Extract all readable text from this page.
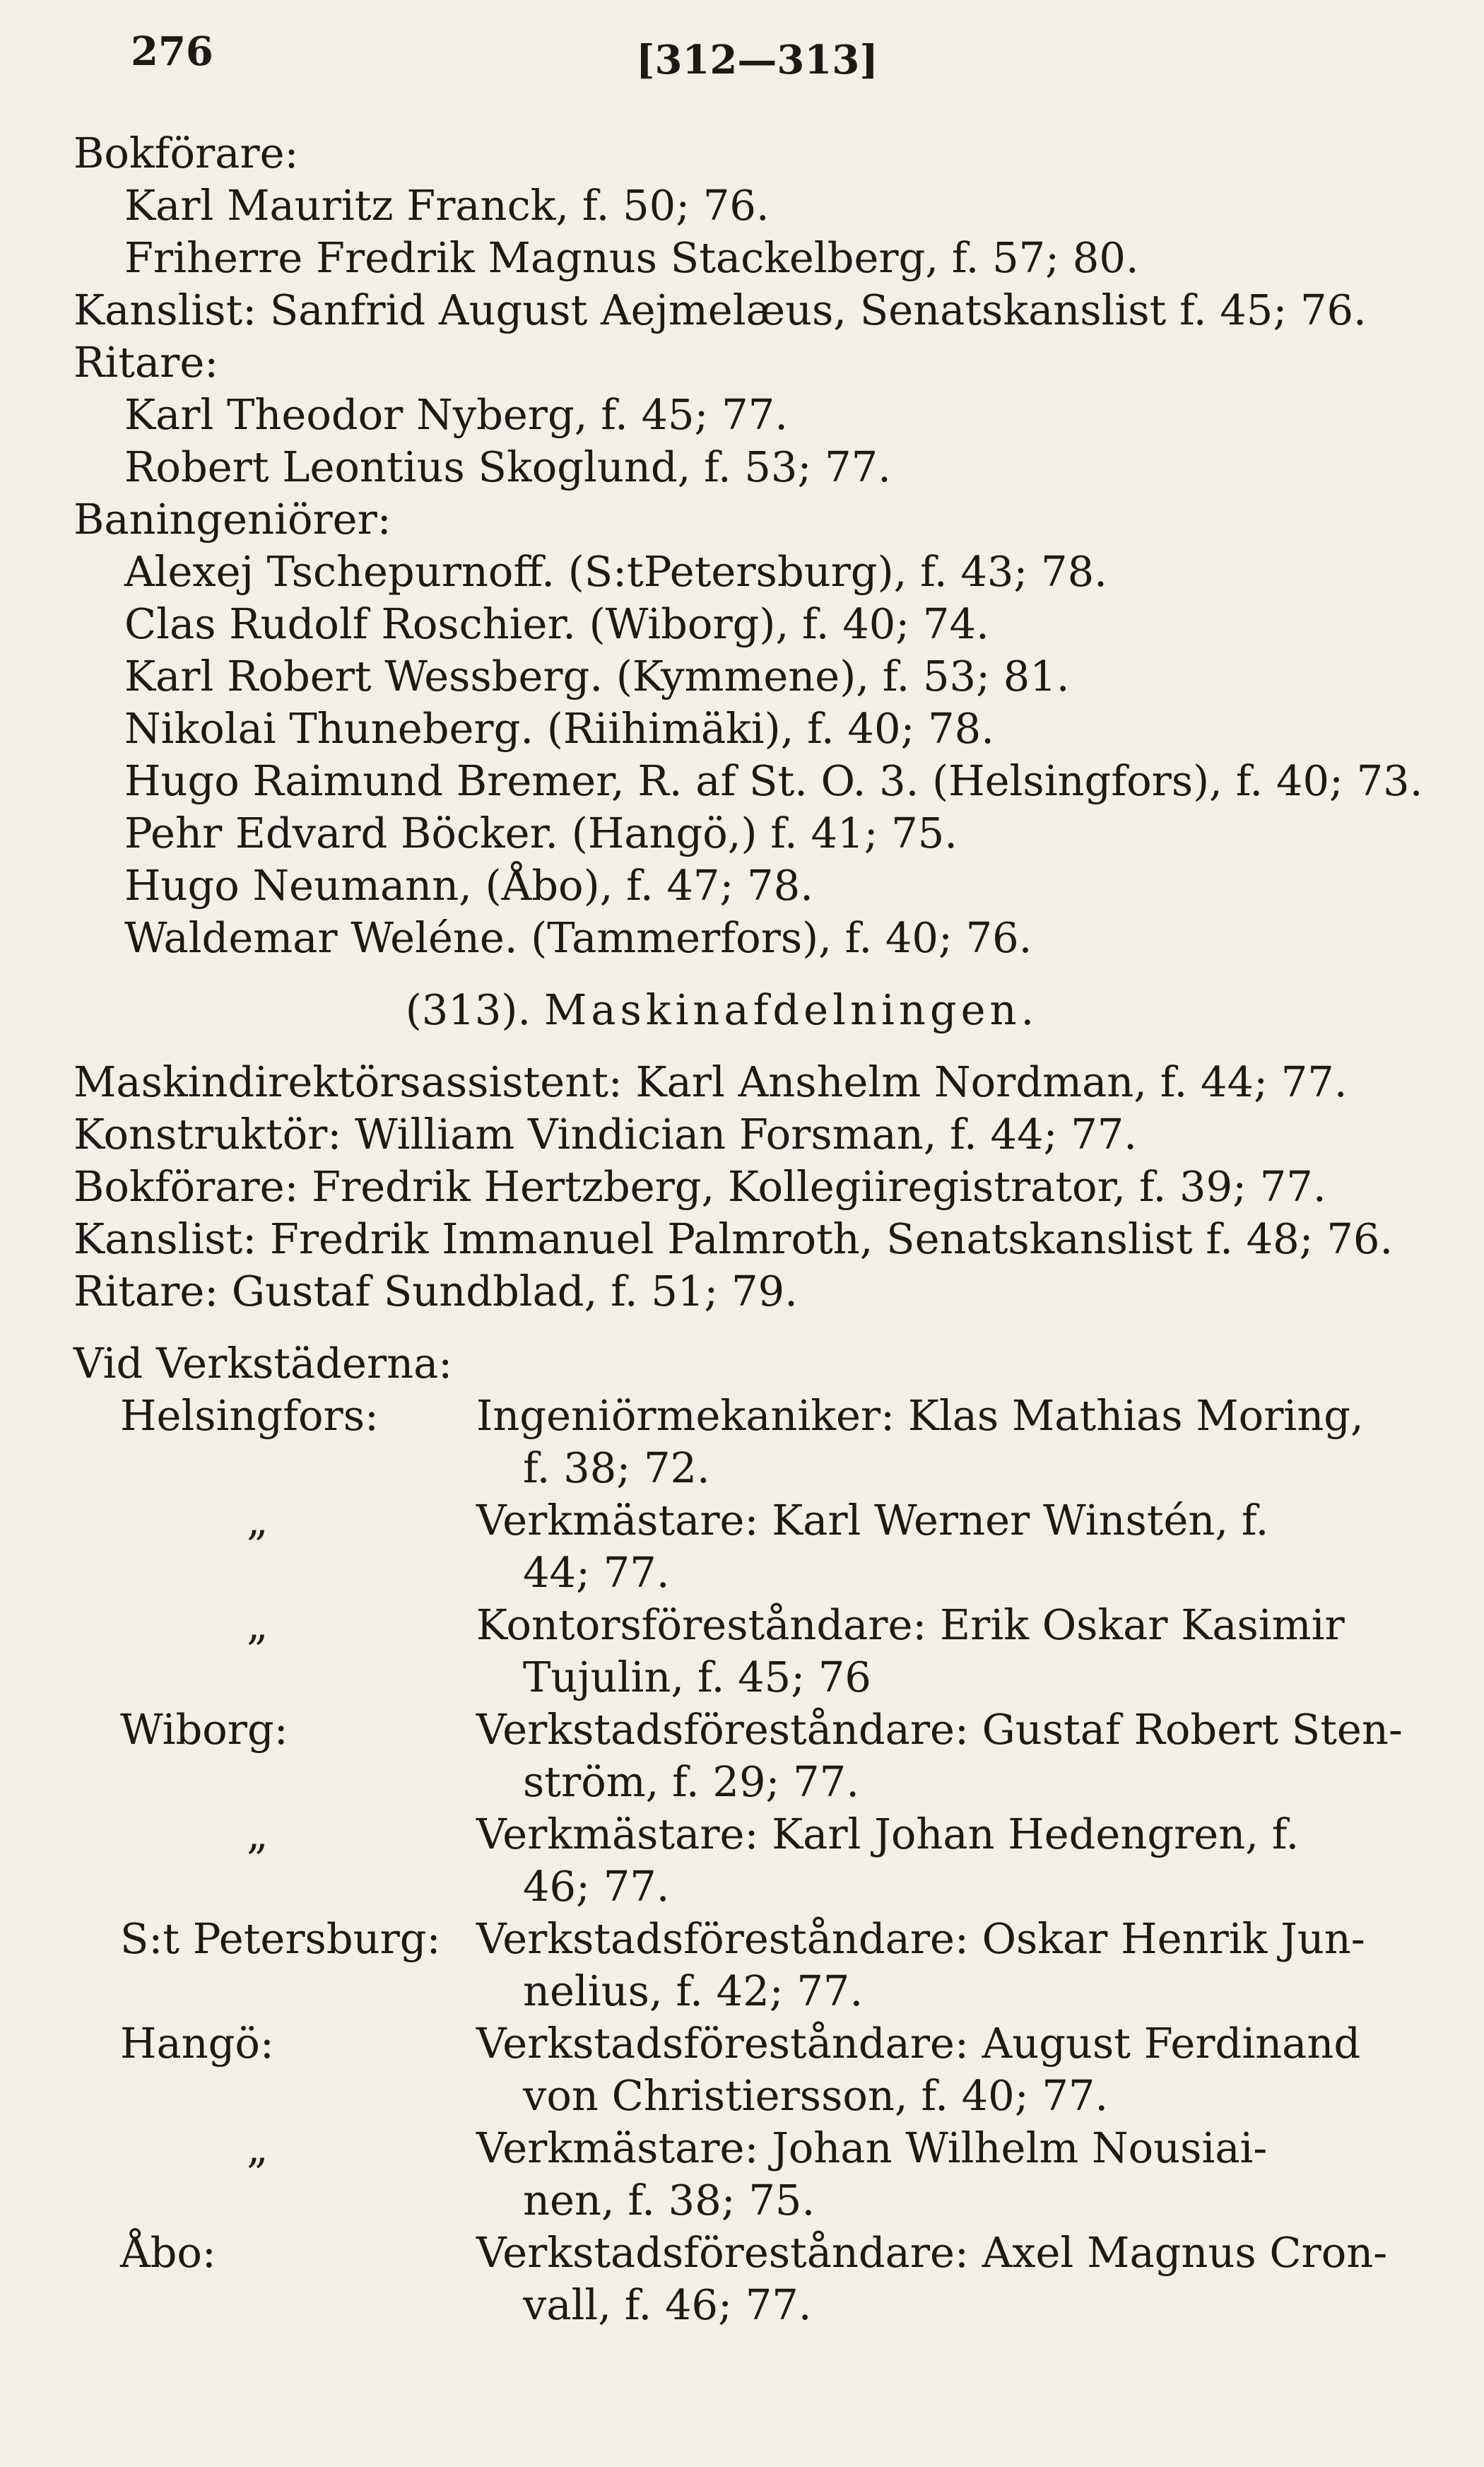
276	[312—313]
Bokförare:
Karl Mauritz Franck, f. 50; 76.
Friherre Fredrik Magnus Stackelberg, f. 57; 80.
Kanslist: Sanfrid August Aejmelæus, Senatskanslist f. 45; 76.
Ritare:
Karl Theodor Nyberg, f. 45; 77.
Robert Leontius Skoglund, f. 53; 77.
Baningeniörer:
Alexej Tschepurnoff. (S:tPetersburg), f. 43; 78.
Clas Rudolf Roschier. (Wiborg), f. 40; 74.
Karl Robert Wessberg. (Kymmene), f. 53; 81.
Nikolai Thuneberg. (Riihimäki), f. 40; 78.
Hugo Raimund Bremer, R. af St. O. 3. (Helsingfors), f. 40; 73.
Pehr Edvard Böcker. (Hangö,) f. 41; 75.
Hugo Neumann, (Åbo), f. 47; 78.
Waldemar Weléne. (Tammerfors), f. 40; 76.
(313). Maskinafdelningen.
Maskindirektörsassistent: Karl Anshelm Nordman, f. 44; 77.
Konstruktör: William Vindician Forsman, f. 44; 77.
Bokförare: Fredrik Hertzberg, Kollegiiregistrator, f. 39; 77.
Kanslist: Fredrik Immanuel Palmroth, Senatskanslist f. 48; 76.
Ritare: Gustaf Sundblad, f. 51; 79.
Vid Verkstäderna:
Helsingfors:	Ingeniörmekaniker: Klas Mathias Moring,
f. 38; 72.
„	Verkmästare: Karl Werner Winstén, f.
44; 77.
„	Kontorsföreståndare: Erik Oskar Kasimir
Tujulin, f. 45; 76
Wiborg:	Verkstadsföreståndare: Gustaf Robert Sten-
ström, f. 29; 77.
„	Verkmästare: Karl Johan Hedengren, f.
46; 77.
S:t Petersburg: Verkstadsföreståndare: Oskar Henrik Jun-
nelius, f. 42; 77.
Hangö:	Verkstadsföreståndare: August Ferdinand
von Christiersson, f. 40; 77.
„	Verkmästare: Johan Wilhelm Nousiai-
nen, f. 38; 75.
Åbo:	Verkstadsföreståndare: Axel Magnus Cron-
vall, f. 46; 77.
